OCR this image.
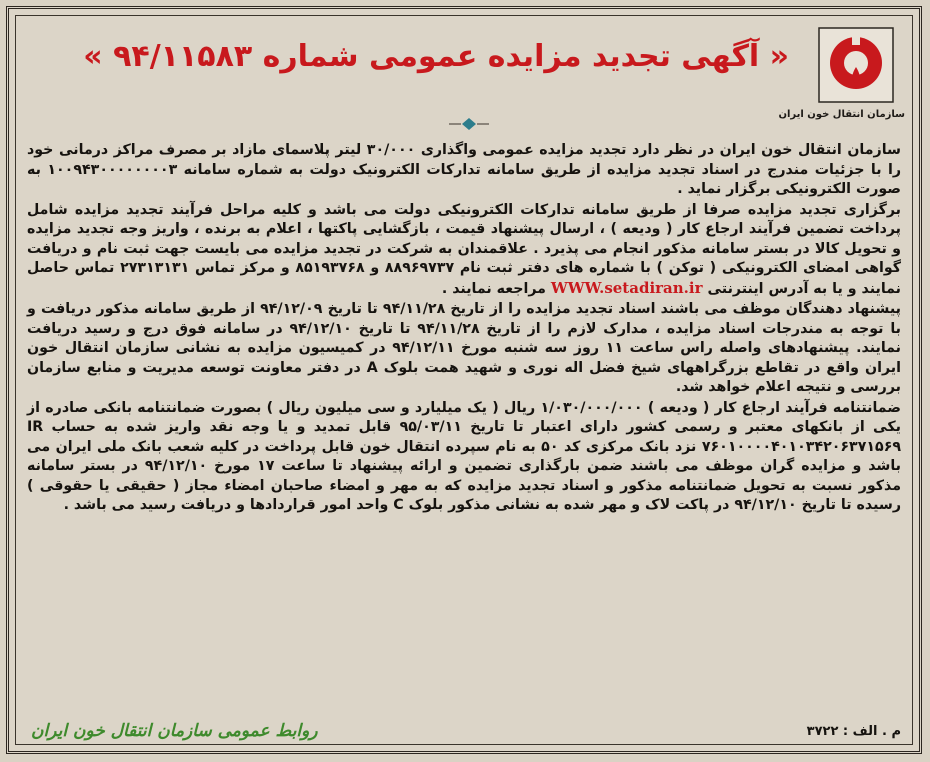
سازمان انتقال خون ایران
« آگهی تجدید مزایده عمومی شماره ۹۴/۱۱۵۸۳ »

سازمان انتقال خون ایران در نظر دارد تجدید مزایده عمومی واگذاری ۳۰/۰۰۰ لیتر پلاسمای مازاد بر مصرف مراکز درمانی خود را با جزئیات مندرج در اسناد تجدید مزایده از طریق سامانه تدارکات الکترونیک دولت به شماره سامانه ۱۰۰۹۴۳۰۰۰۰۰۰۰۰۳ به صورت الکترونیکی برگزار نماید .

برگزاری تجدید مزایده صرفا از طریق سامانه تدارکات الکترونیکی دولت می باشد و کلیه مراحل فرآیند تجدید مزایده شامل پرداخت تضمین فرآیند ارجاع کار ( ودیعه ) ، ارسال پیشنهاد قیمت ، بازگشایی پاکتها ، اعلام به برنده ، واریز وجه تجدید مزایده و تحویل کالا در بستر سامانه مذکور انجام می پذیرد . علاقمندان به شرکت در تجدید مزایده می بایست جهت ثبت نام و دریافت گواهی امضای الکترونیکی ( توکن ) با شماره های دفتر ثبت نام ۸۸۹۶۹۷۳۷ و ۸۵۱۹۳۷۶۸ و مرکز تماس ۲۷۳۱۳۱۳۱ تماس حاصل نمایند و یا به آدرس اینترنتی WWW.setadiran.ir مراجعه نمایند .

پیشنهاد دهندگان موظف می باشند اسناد تجدید مزایده را از تاریخ ۹۴/۱۱/۲۸ تا تاریخ ۹۴/۱۲/۰۹ از طریق سامانه مذکور دریافت و با توجه به مندرجات اسناد مزایده ، مدارک لازم را از تاریخ ۹۴/۱۱/۲۸ تا تاریخ ۹۴/۱۲/۱۰ در سامانه فوق درج و رسید دریافت نمایند. پیشنهادهای واصله راس ساعت ۱۱ روز سه شنبه مورخ ۹۴/۱۲/۱۱ در کمیسیون مزایده به نشانی سازمان انتقال خون ایران واقع در تقاطع بزرگراههای شیخ فضل اله نوری و شهید همت بلوک A در دفتر معاونت توسعه مدیریت و منابع سازمان بررسی و نتیجه اعلام خواهد شد.

ضمانتنامه فرآیند ارجاع کار ( ودیعه ) ۱/۰۳۰/۰۰۰/۰۰۰ ریال ( یک میلیارد و سی میلیون ریال ) بصورت ضمانتنامه بانکی صادره از یکی از بانکهای معتبر و رسمی کشور دارای اعتبار تا تاریخ ۹۵/۰۳/۱۱ قابل تمدید و یا وجه نقد واریز شده به حساب IR ۷۶۰۱۰۰۰۰۴۰۱۰۳۴۲۰۶۳۷۱۵۶۹ نزد بانک مرکزی کد ۵۰ به نام سپرده انتقال خون قابل پرداخت در کلیه شعب بانک ملی ایران می باشد و مزایده گران موظف می باشند ضمن بارگذاری تضمین و ارائه پیشنهاد تا ساعت ۱۷ مورخ ۹۴/۱۲/۱۰ در بستر سامانه مذکور نسبت به تحویل ضمانتنامه مذکور و اسناد تجدید مزایده که به مهر و امضاء صاحبان امضاء مجاز ( حقیقی یا حقوقی ) رسیده تا تاریخ ۹۴/۱۲/۱۰ در پاکت لاک و مهر شده به نشانی مذکور بلوک C واحد امور قراردادها و دریافت رسید می باشد .

روابط عمومی سازمان انتقال خون ایران	م . الف : ۳۷۲۲
